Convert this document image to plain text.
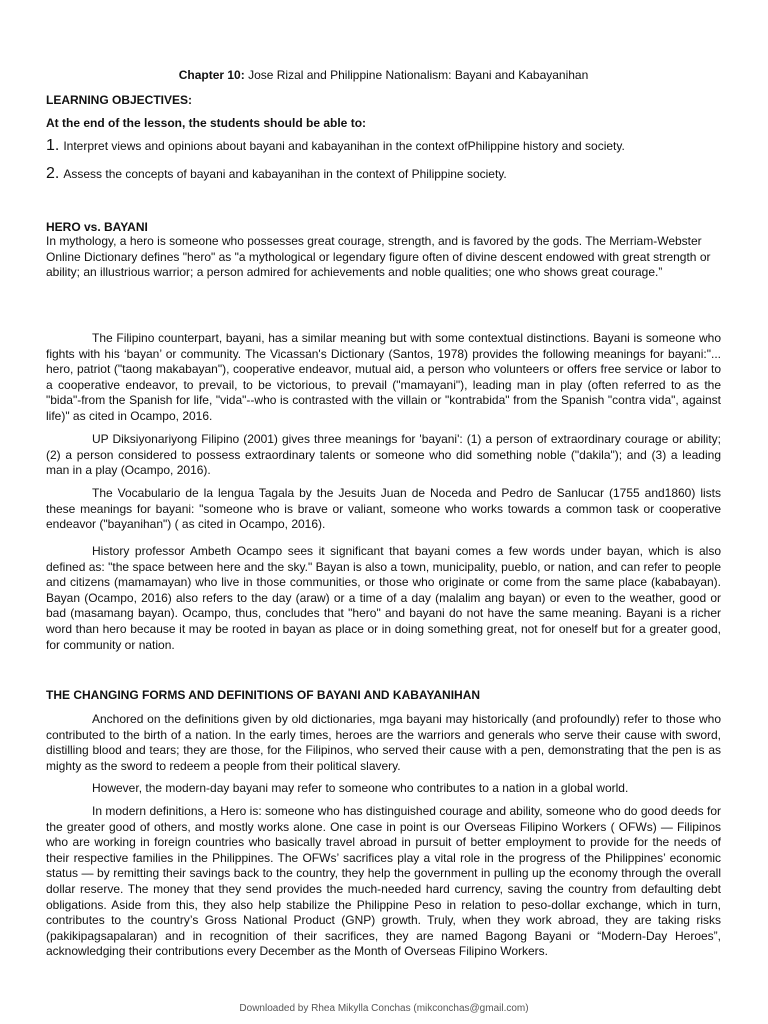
Chapter 10: Jose Rizal and Philippine Nationalism: Bayani and Kabayanihan
LEARNING OBJECTIVES:
At the end of the lesson, the students should be able to:
1. Interpret views and opinions about bayani and kabayanihan in the context ofPhilippine history and society.
2. Assess the concepts of bayani and kabayanihan in the context of Philippine society.
HERO vs. BAYANI
In mythology, a hero is someone who possesses great courage, strength, and is favored by the gods. The Merriam-Webster Online Dictionary defines "hero" as "a mythological or legendary figure often of divine descent endowed with great strength or ability; an illustrious warrior; a person admired for achievements and noble qualities; one who shows great courage.”

The Filipino counterpart, bayani, has a similar meaning but with some contextual distinctions. Bayani is someone who fights with his ‘bayan’ or community. The Vicassan's Dictionary (Santos, 1978) provides the following meanings for bayani:"... hero, patriot ("taong makabayan"), cooperative endeavor, mutual aid, a person who volunteers or offers free service or labor to a cooperative endeavor, to prevail, to be victorious, to prevail ("mamayani"), leading man in play (often referred to as the "bida"-from the Spanish for life, "vida"--who is contrasted with the villain or "kontrabida" from the Spanish "contra vida", against life)" as cited in Ocampo, 2016.

UP Diksiyonariyong Filipino (2001) gives three meanings for 'bayani': (1) a person of extraordinary courage or ability; (2) a person considered to possess extraordinary talents or someone who did something noble ("dakila"); and (3) a leading man in a play (Ocampo, 2016).

The Vocabulario de la lengua Tagala by the Jesuits Juan de Noceda and Pedro de Sanlucar (1755 and1860) lists these meanings for bayani: "someone who is brave or valiant, someone who works towards a common task or cooperative endeavor ("bayanihan") ( as cited in Ocampo, 2016).

History professor Ambeth Ocampo sees it significant that bayani comes a few words under bayan, which is also defined as: "the space between here and the sky." Bayan is also a town, municipality, pueblo, or nation, and can refer to people and citizens (mamamayan) who live in those communities, or those who originate or come from the same place (kababayan). Bayan (Ocampo, 2016) also refers to the day (araw) or a time of a day (malalim ang bayan) or even to the weather, good or bad (masamang bayan). Ocampo, thus, concludes that "hero" and bayani do not have the same meaning. Bayani is a richer word than hero because it may be rooted in bayan as place or in doing something great, not for oneself but for a greater good, for community or nation.

THE CHANGING FORMS AND DEFINITIONS OF BAYANI AND KABAYANIHAN

Anchored on the definitions given by old dictionaries, mga bayani may historically (and profoundly) refer to those who contributed to the birth of a nation. In the early times, heroes are the warriors and generals who serve their cause with sword, distilling blood and tears; they are those, for the Filipinos, who served their cause with a pen, demonstrating that the pen is as mighty as the sword to redeem a people from their political slavery.

However, the modern-day bayani may refer to someone who contributes to a nation in a global world.

In modern definitions, a Hero is: someone who has distinguished courage and ability, someone who do good deeds for the greater good of others, and mostly works alone. One case in point is our Overseas Filipino Workers ( OFWs) — Filipinos who are working in foreign countries who basically travel abroad in pursuit of better employment to provide for the needs of their respective families in the Philippines. The OFWs’ sacrifices play a vital role in the progress of the Philippines’ economic status — by remitting their savings back to the country, they help the government in pulling up the economy through the overall dollar reserve. The money that they send provides the much-needed hard currency, saving the country from defaulting debt obligations. Aside from this, they also help stabilize the Philippine Peso in relation to peso-dollar exchange, which in turn, contributes to the country’s Gross National Product (GNP) growth. Truly, when they work abroad, they are taking risks (pakikipagsapalaran) and in recognition of their sacrifices, they are named Bagong Bayani or “Modern-Day Heroes”, acknowledging their contributions every December as the Month of Overseas Filipino Workers.

Downloaded by Rhea Mikylla Conchas (mikconchas@gmail.com)
